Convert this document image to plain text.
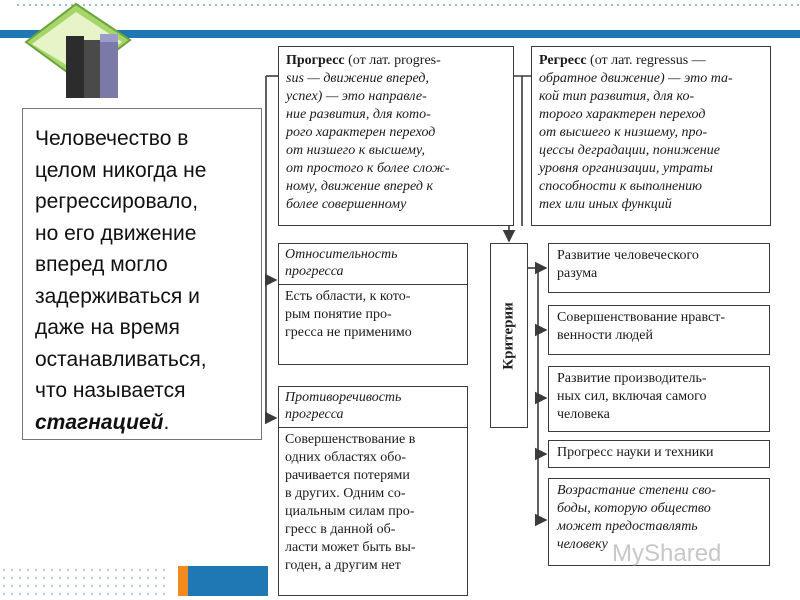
Человечество в
целом никогда не
регрессировало,
но его движение
вперед могло
задерживаться и
даже на время
останавливаться,
что называется
стагнацией.
Прогресс (от лат. progres-
sus — движение вперед,
успех) — это направле-
ние развития, для кото-
рого характерен переход
от низшего к высшему,
от простого к более слож-
ному, движение вперед к
более совершенному
Регресс (от лат. regressus —
обратное движение) — это та-
кой тип развития, для ко-
торого характерен переход
от высшего к низшему, про-
цессы деградации, понижение
уровня организации, утраты
способности к выполнению
тех или иных функций
Относительность
прогресса
Есть области, к кото-
рым понятие про-
гресса не применимо
Противоречивость
прогресса
Совершенствование в
одних областях обо-
рачивается потерями
в других. Одним со-
циальным силам про-
гресс в данной об-
ласти может быть вы-
годен, а другим нет
Критерии
Развитие человеческого
разума
Совершенствование нравст-
венности людей
Развитие производитель-
ных сил, включая самого
человека
Прогресс науки и техники
Возрастание степени сво-
боды, которую общество
может предоставлять
человеку MyShared
